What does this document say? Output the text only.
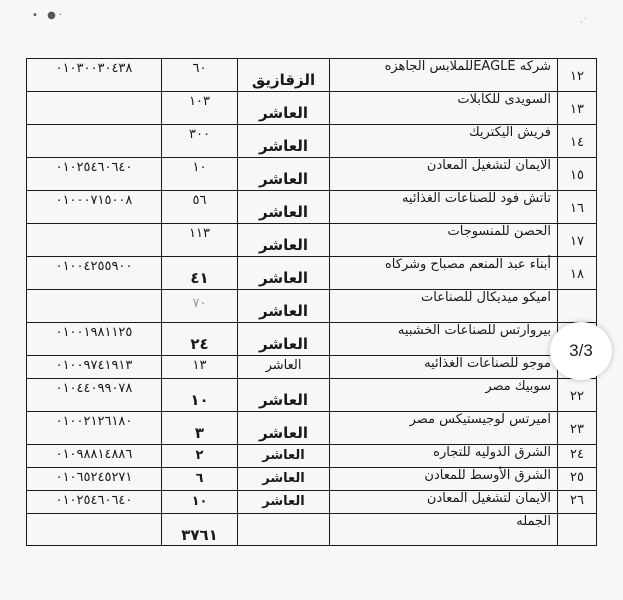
• ●·
·˙
٠١٠٣٠٠٣٠٤٣٨	٦٠	الزقازيق	شركه EAGLEللملابس الجاهزه	١٢
	١٠٣	العاشر	السويدى للكابلات	١٣
	٣٠٠	العاشر	فريش اليكتريك	١٤
٠١٠٢٥٤٦٠٦٤٠	١٠	العاشر	الايمان لتشغيل المعادن	١٥
٠١٠٠٠٧١٥٠٠٨	٥٦	العاشر	تاتش فود للصناعات الغذائيه	١٦
	١١٣	العاشر	الحصن للمنسوجات	١٧
٠١٠٠٤٢٥٥٩٠٠	٤١	العاشر	أبناء عبد المنعم مصباح وشركاه	١٨
	٧٠	العاشر	اميكو ميديكال للصناعات	
٠١٠٠١٩٨١١٢٥	٢٤	العاشر	بيروارتس للصناعات الخشبيه	
٠١٠٠٩٧٤١٩١٣	١٣	العاشر	موجو للصناعات الغذائيه	
٠١٠٤٤٠٩٩٠٧٨	١٠	العاشر	سوبيك مصر	٢٢
٠١٠٠٢١٢٦١٨٠	٣	العاشر	اميرتس لوجيستيكس مصر	٢٣
٠١٠٩٨٨١٤٨٨٦	٢	العاشر	الشرق الدوليه للتجاره	٢٤
٠١٠٦٥٢٤٥٢٧١	٦	العاشر	الشرق الأوسط للمعادن	٢٥
٠١٠٢٥٤٦٠٦٤٠	١٠	العاشر	الايمان لتشغيل المعادن	٢٦
	٣٧٦١		الجمله	
3/3
